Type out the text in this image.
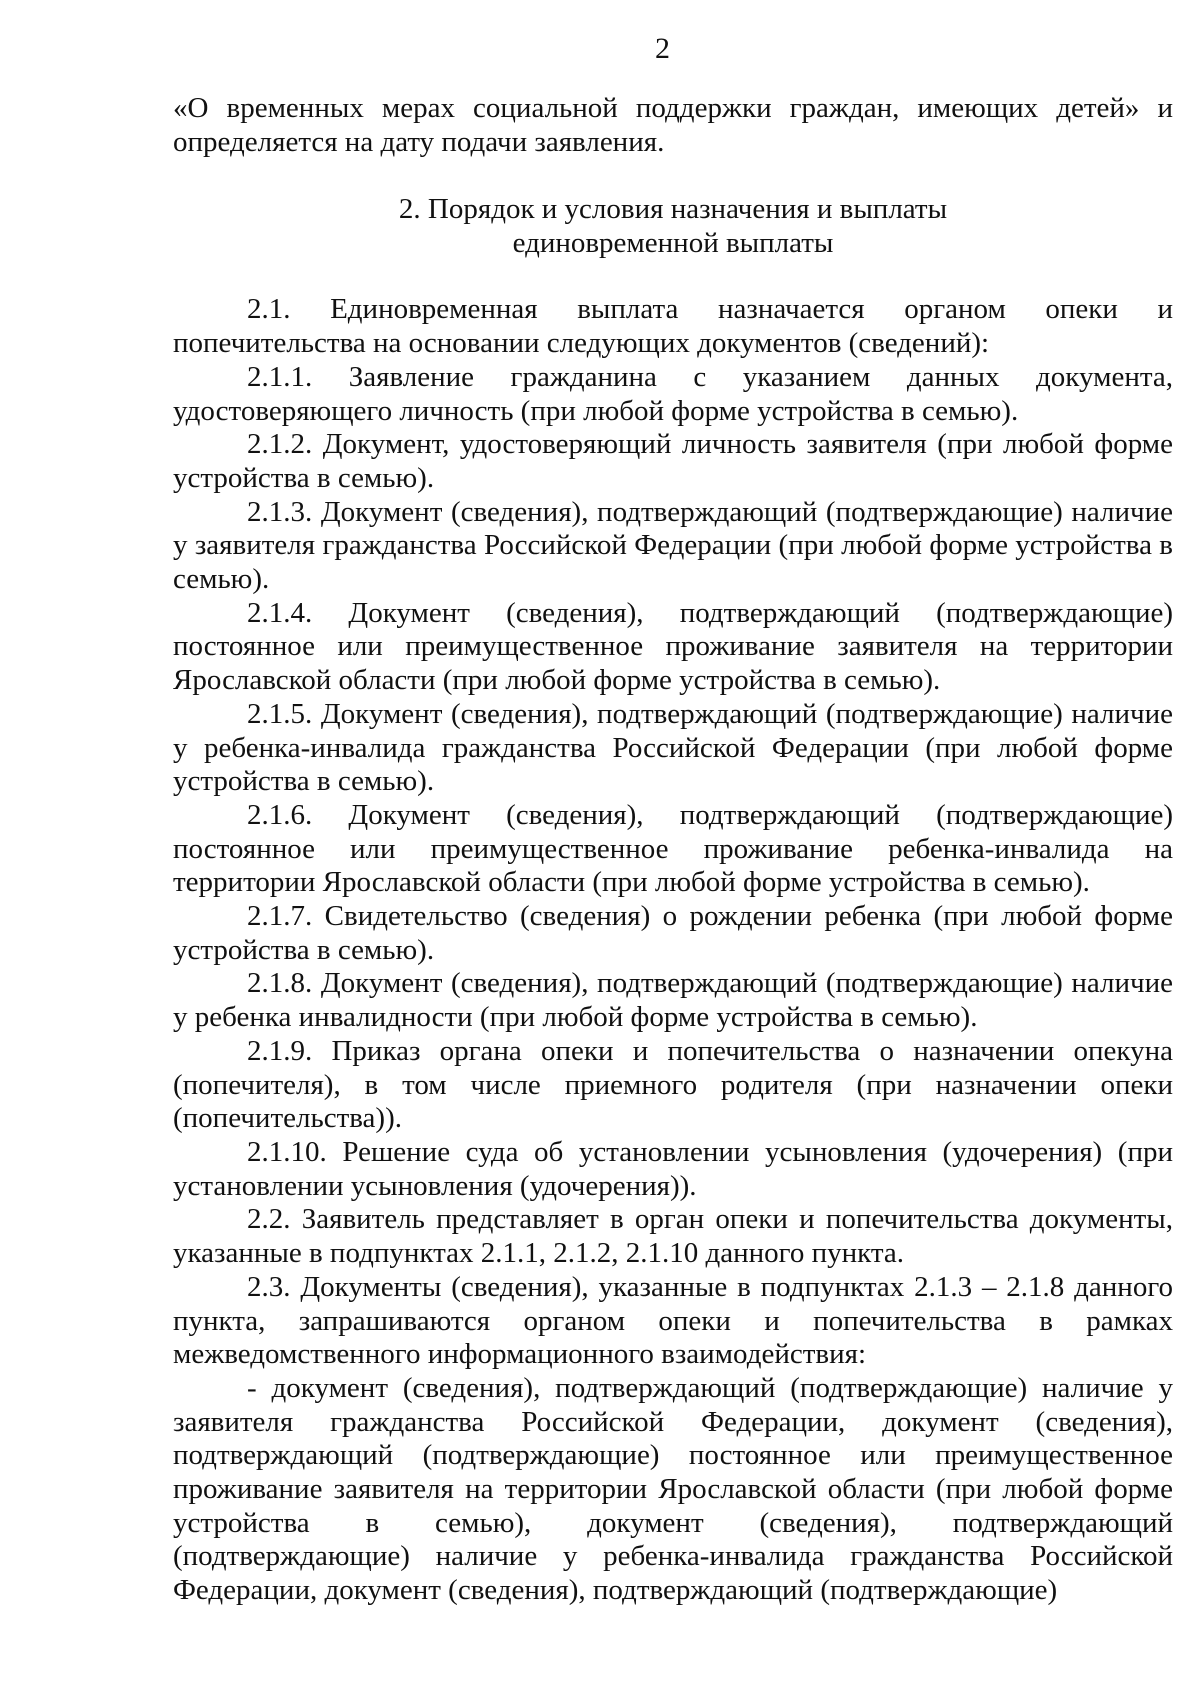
2

«О временных мерах социальной поддержки граждан, имеющих детей» и определяется на дату подачи заявления.

2. Порядок и условия назначения и выплаты
единовременной выплаты

2.1. Единовременная выплата назначается органом опеки и попечительства на основании следующих документов (сведений):

2.1.1. Заявление гражданина с указанием данных документа, удостоверяющего личность (при любой форме устройства в семью).

2.1.2. Документ, удостоверяющий личность заявителя (при любой форме устройства в семью).

2.1.3. Документ (сведения), подтверждающий (подтверждающие) наличие у заявителя гражданства Российской Федерации (при любой форме устройства в семью).

2.1.4. Документ (сведения), подтверждающий (подтверждающие) постоянное или преимущественное проживание заявителя на территории Ярославской области (при любой форме устройства в семью).

2.1.5. Документ (сведения), подтверждающий (подтверждающие) наличие у ребенка-инвалида гражданства Российской Федерации (при любой форме устройства в семью).

2.1.6. Документ (сведения), подтверждающий (подтверждающие) постоянное или преимущественное проживание ребенка-инвалида на территории Ярославской области (при любой форме устройства в семью).

2.1.7. Свидетельство (сведения) о рождении ребенка (при любой форме устройства в семью).

2.1.8. Документ (сведения), подтверждающий (подтверждающие) наличие у ребенка инвалидности (при любой форме устройства в семью).

2.1.9. Приказ органа опеки и попечительства о назначении опекуна (попечителя), в том числе приемного родителя (при назначении опеки (попечительства)).

2.1.10. Решение суда об установлении усыновления (удочерения) (при установлении усыновления (удочерения)).

2.2. Заявитель представляет в орган опеки и попечительства документы, указанные в подпунктах 2.1.1, 2.1.2, 2.1.10 данного пункта.

2.3. Документы (сведения), указанные в подпунктах 2.1.3 – 2.1.8 данного пункта, запрашиваются органом опеки и попечительства в рамках межведомственного информационного взаимодействия:

- документ (сведения), подтверждающий (подтверждающие) наличие у заявителя гражданства Российской Федерации, документ (сведения), подтверждающий (подтверждающие) постоянное или преимущественное проживание заявителя на территории Ярославской области (при любой форме устройства в семью), документ (сведения), подтверждающий (подтверждающие) наличие у ребенка-инвалида гражданства Российской Федерации, документ (сведения), подтверждающий (подтверждающие)
